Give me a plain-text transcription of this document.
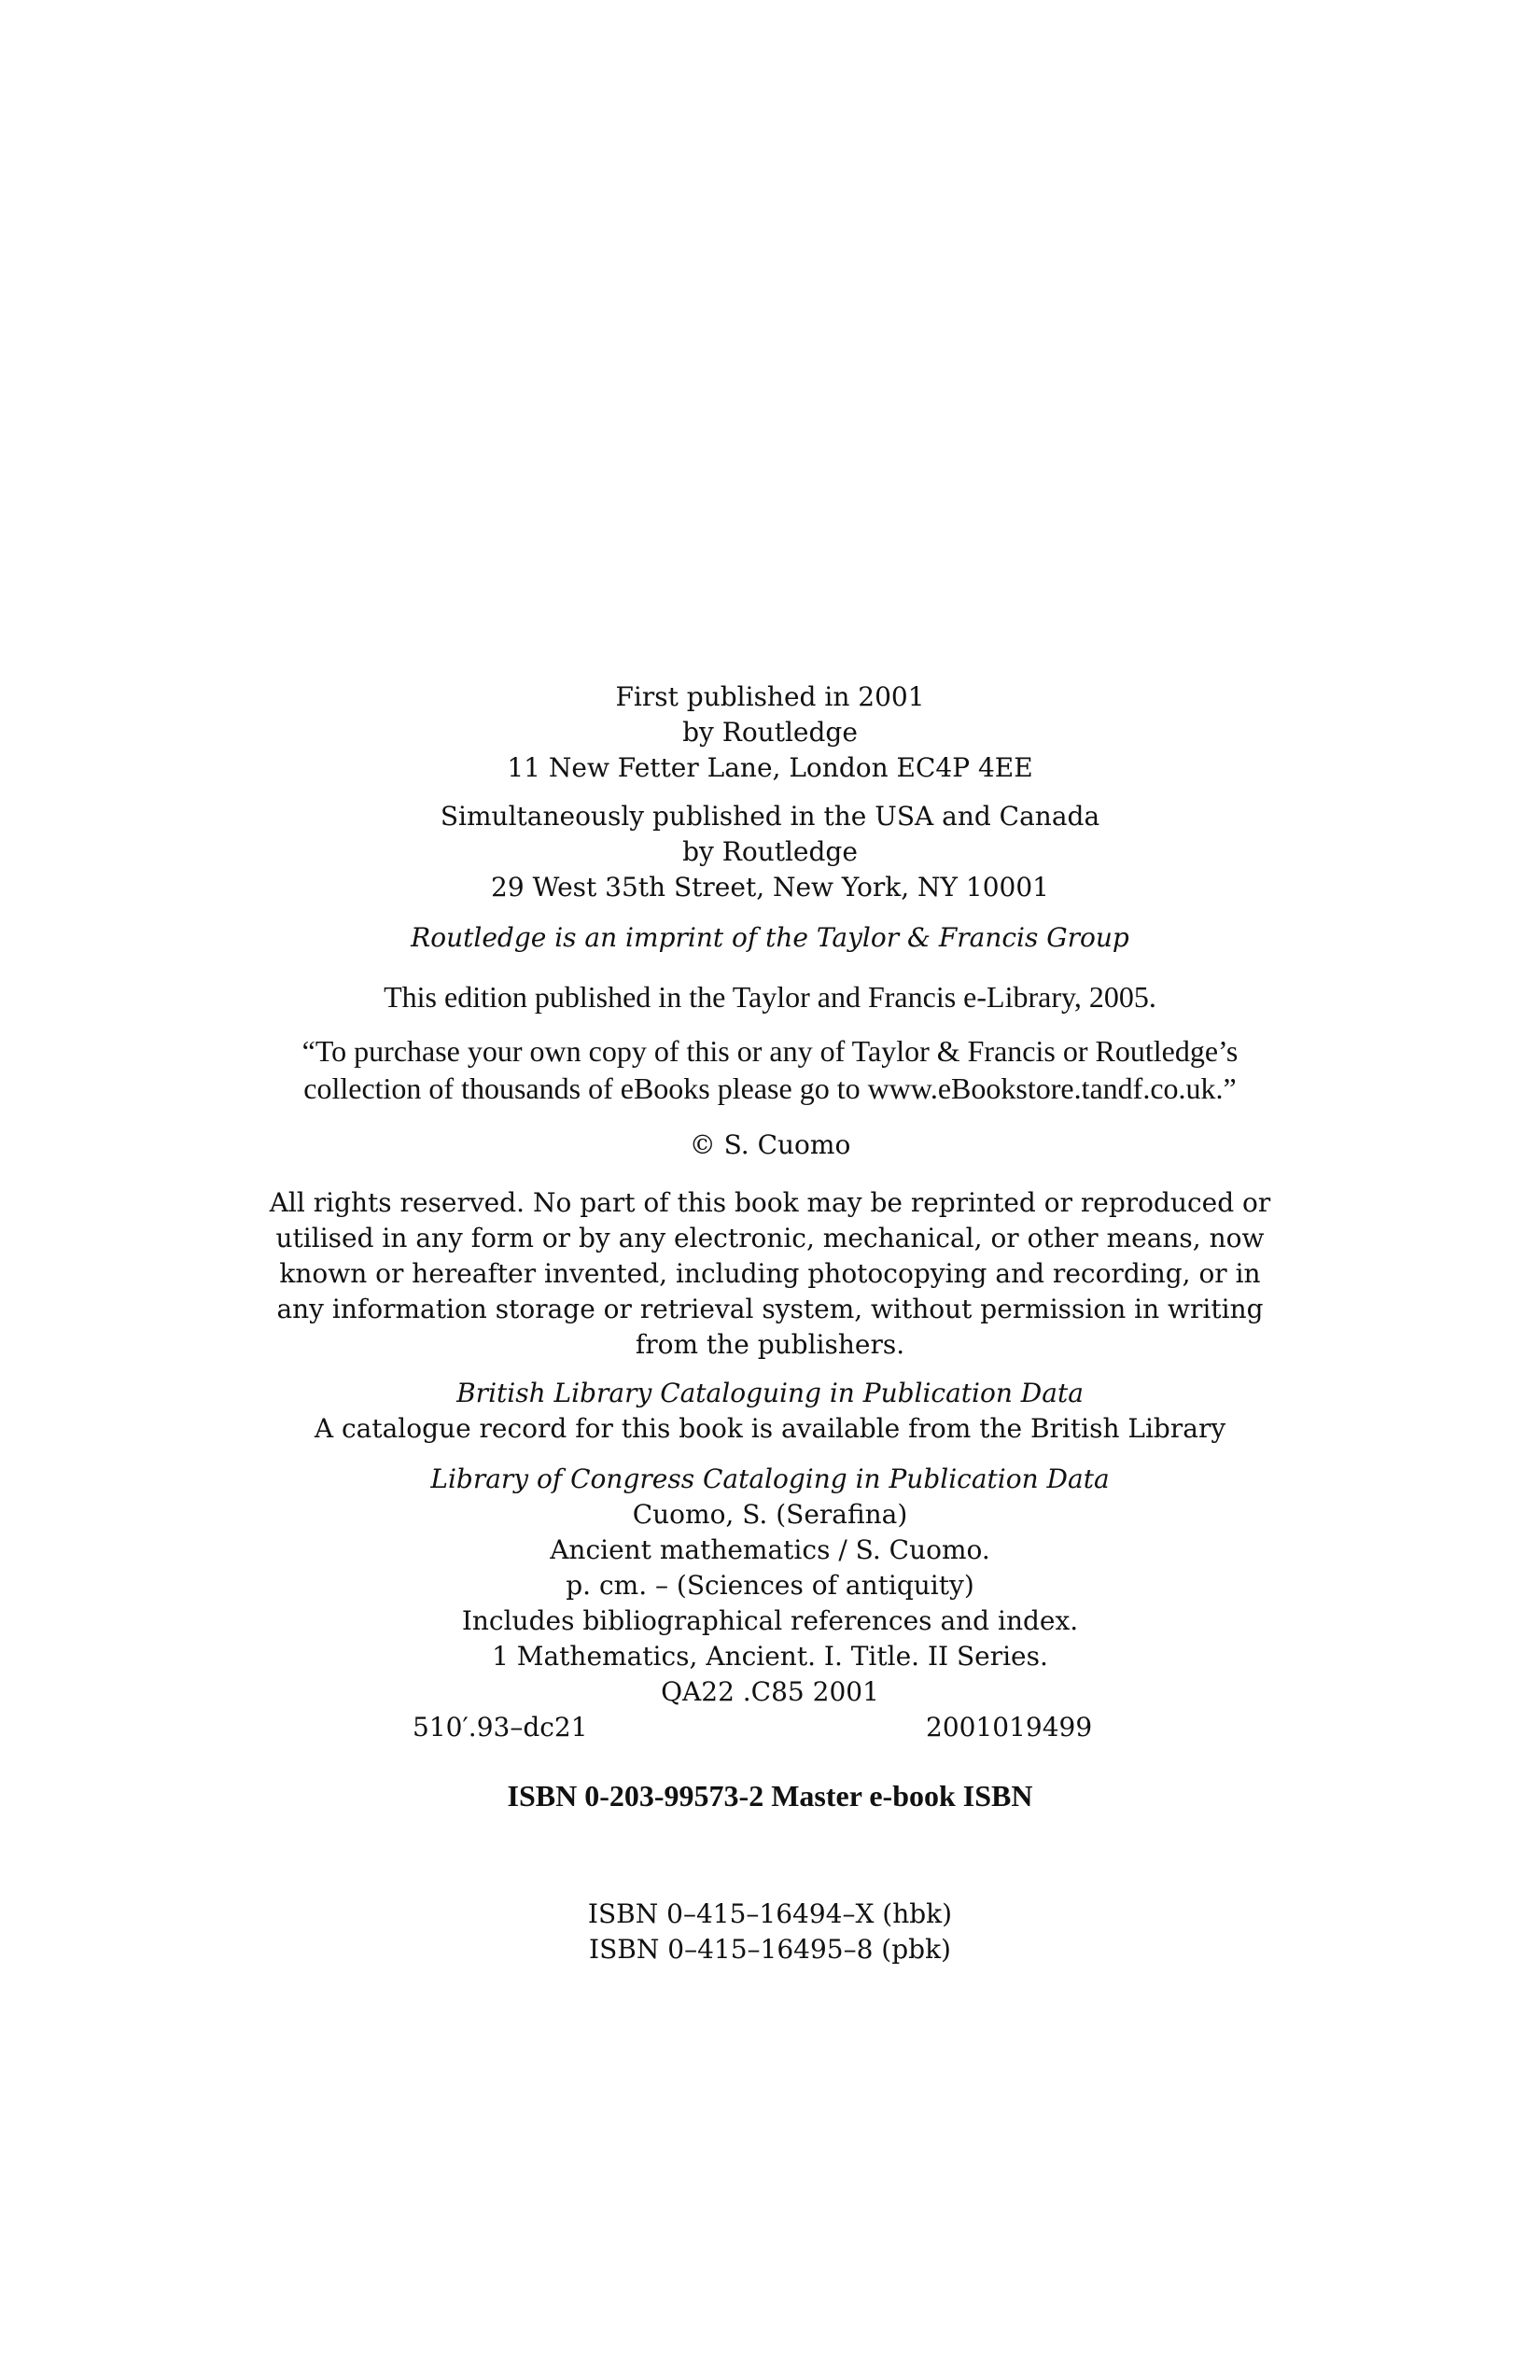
First published in 2001
by Routledge
11 New Fetter Lane, London EC4P 4EE
Simultaneously published in the USA and Canada
by Routledge
29 West 35th Street, New York, NY 10001
Routledge is an imprint of the Taylor & Francis Group
This edition published in the Taylor and Francis e-Library, 2005.
“To purchase your own copy of this or any of Taylor & Francis or Routledge’s
collection of thousands of eBooks please go to www.eBookstore.tandf.co.uk.”
© S. Cuomo
All rights reserved. No part of this book may be reprinted or reproduced or
utilised in any form or by any electronic, mechanical, or other means, now
known or hereafter invented, including photocopying and recording, or in
any information storage or retrieval system, without permission in writing
from the publishers.
British Library Cataloguing in Publication Data
A catalogue record for this book is available from the British Library
Library of Congress Cataloging in Publication Data
Cuomo, S. (Serafina)
Ancient mathematics / S. Cuomo.
p. cm. – (Sciences of antiquity)
Includes bibliographical references and index.
1 Mathematics, Ancient. I. Title. II Series.
QA22 .C85 2001
510′.93–dc21	2001019499
ISBN 0-203-99573-2 Master e-book ISBN
ISBN 0–415–16494–X (hbk)
ISBN 0–415–16495–8 (pbk)
